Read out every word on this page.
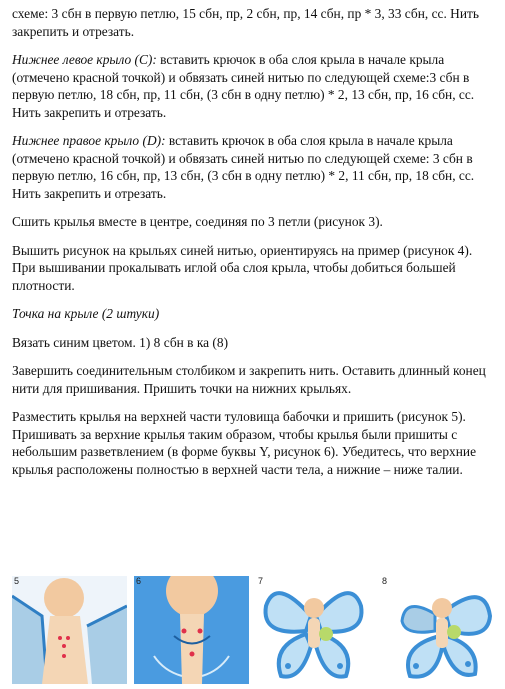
схеме: 3 сбн в первую петлю, 15 сбн, пр, 2 сбн, пр, 14 сбн, пр * 3, 33 сбн, сс. Нить закрепить и отрезать.

Нижнее левое крыло (C): вставить крючок в оба слоя крыла в начале крыла (отмечено красной точкой) и обвязать синей нитью по следующей схеме:3 сбн в первую петлю, 18 сбн, пр, 11 сбн, (3 сбн в одну петлю) * 2, 13 сбн, пр, 16 сбн, сс. Нить закрепить и отрезать.

Нижнее правое крыло (D): вставить крючок в оба слоя крыла в начале крыла (отмечено красной точкой) и обвязать синей нитью по следующей схеме: 3 сбн в первую петлю, 16 сбн, пр, 13 сбн, (3 сбн в одну петлю) * 2, 11 сбн, пр, 18 сбн, сс. Нить закрепить и отрезать.

Сшить крылья вместе в центре, соединяя по 3 петли (рисунок 3).

Вышить рисунок на крыльях синей нитью, ориентируясь на пример (рисунок 4). При вышивании прокалывать иглой оба слоя крыла, чтобы добиться большей плотности.

Точка на крыле (2 штуки)

Вязать синим цветом. 1) 8 сбн в ка (8)

Завершить соединительным столбиком и закрепить нить. Оставить длинный конец нити для пришивания. Пришить точки на нижних крыльях.

Разместить крылья на верхней части туловища бабочки и пришить (рисунок 5). Пришивать за верхние крылья таким образом, чтобы крылья были пришиты с небольшим разветвлением (в форме буквы Y, рисунок 6). Убедитесь, что верхние крылья расположены полностью в верхней части тела, а нижние – ниже талии.

5	6	7	8
